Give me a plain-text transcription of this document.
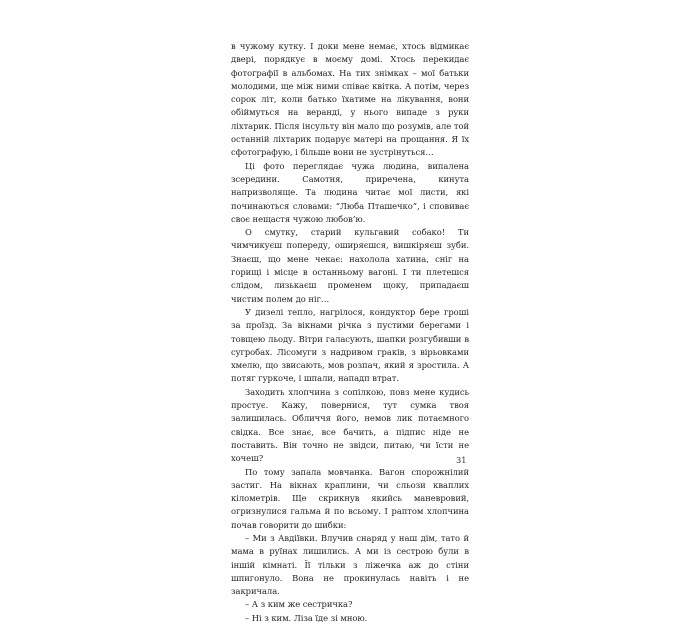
в чужому кутку. І доки мене немає, хтось відмикає двері, порядкує в моєму домі. Хтось перекидає фотографії в альбомах. На тих знімках – мої батьки молодими, ще між ними співає квітка. А потім, через сорок літ, коли батько їхатиме на лікування, вони обіймуться на веранді, у нього випаде з руки ліхтарик. Після інсульту він мало що розумів, але той останній ліхтарик подарує матері на прощання. Я їх сфотографую, і більше вони не зустрінуться…

Ці фото переглядає чужа людина, випалена зсередини. Самотня, приречена, кинута напризволяще. Та людина читає мої листи, які починаються словами: “Люба Пташечко”, і сповиває своє нещастя чужою любов’ю.

О смутку, старий кульгавий собако! Ти чимчикуєш попереду, оширяєшся, вишкіряєш зуби. Знаєш, що мене чекає: нахолола хатина, сніг на горищі і місце в останньому вагоні. І ти плетешся слідом, лизькаєш променем щоку, припадаєш чистим полем до ніг…

У дизелі тепло, нагрілося, кондуктор бере гроші за проїзд. За вікнами річка з пустими берегами і товщею льоду. Вітри галасують, шапки розгубивши в сугробах. Лісомуги з надривом граків, з вірьовками хмелю, що звисають, мов розпач, який я зростила. А потяг гуркоче, і шпали, нападп втрат.

Заходить хлопчина з сопілкою, повз мене кудись простує. Кажу, повернися, тут сумка твоя залишилась. Обличчя його, немов лик потаємного свідка. Все знає, все бачить, а підпис ніде не поставить. Він точно не звідси, питаю, чи їсти не хочеш?

По тому запала мовчанка. Вагон спорожнілий застиг. На вікнах краплини, чи сльози кваплих кілометрів. Ще скрикнув якийсь маневровий, огризнулися гальма й по всьому. І раптом хлопчина почав говорити до шибки:

– Ми з Авдіївки. Влучив снаряд у наш дім, тато й мама в руїнах лишились. А ми із сестрою були в іншій кімнаті. Її тільки з ліжечка аж до стіни шпигонуло. Вона не прокинулась навіть і не закричала.

– А з ким же сестричка?

– Ні з ким. Ліза їде зі мною.

31
